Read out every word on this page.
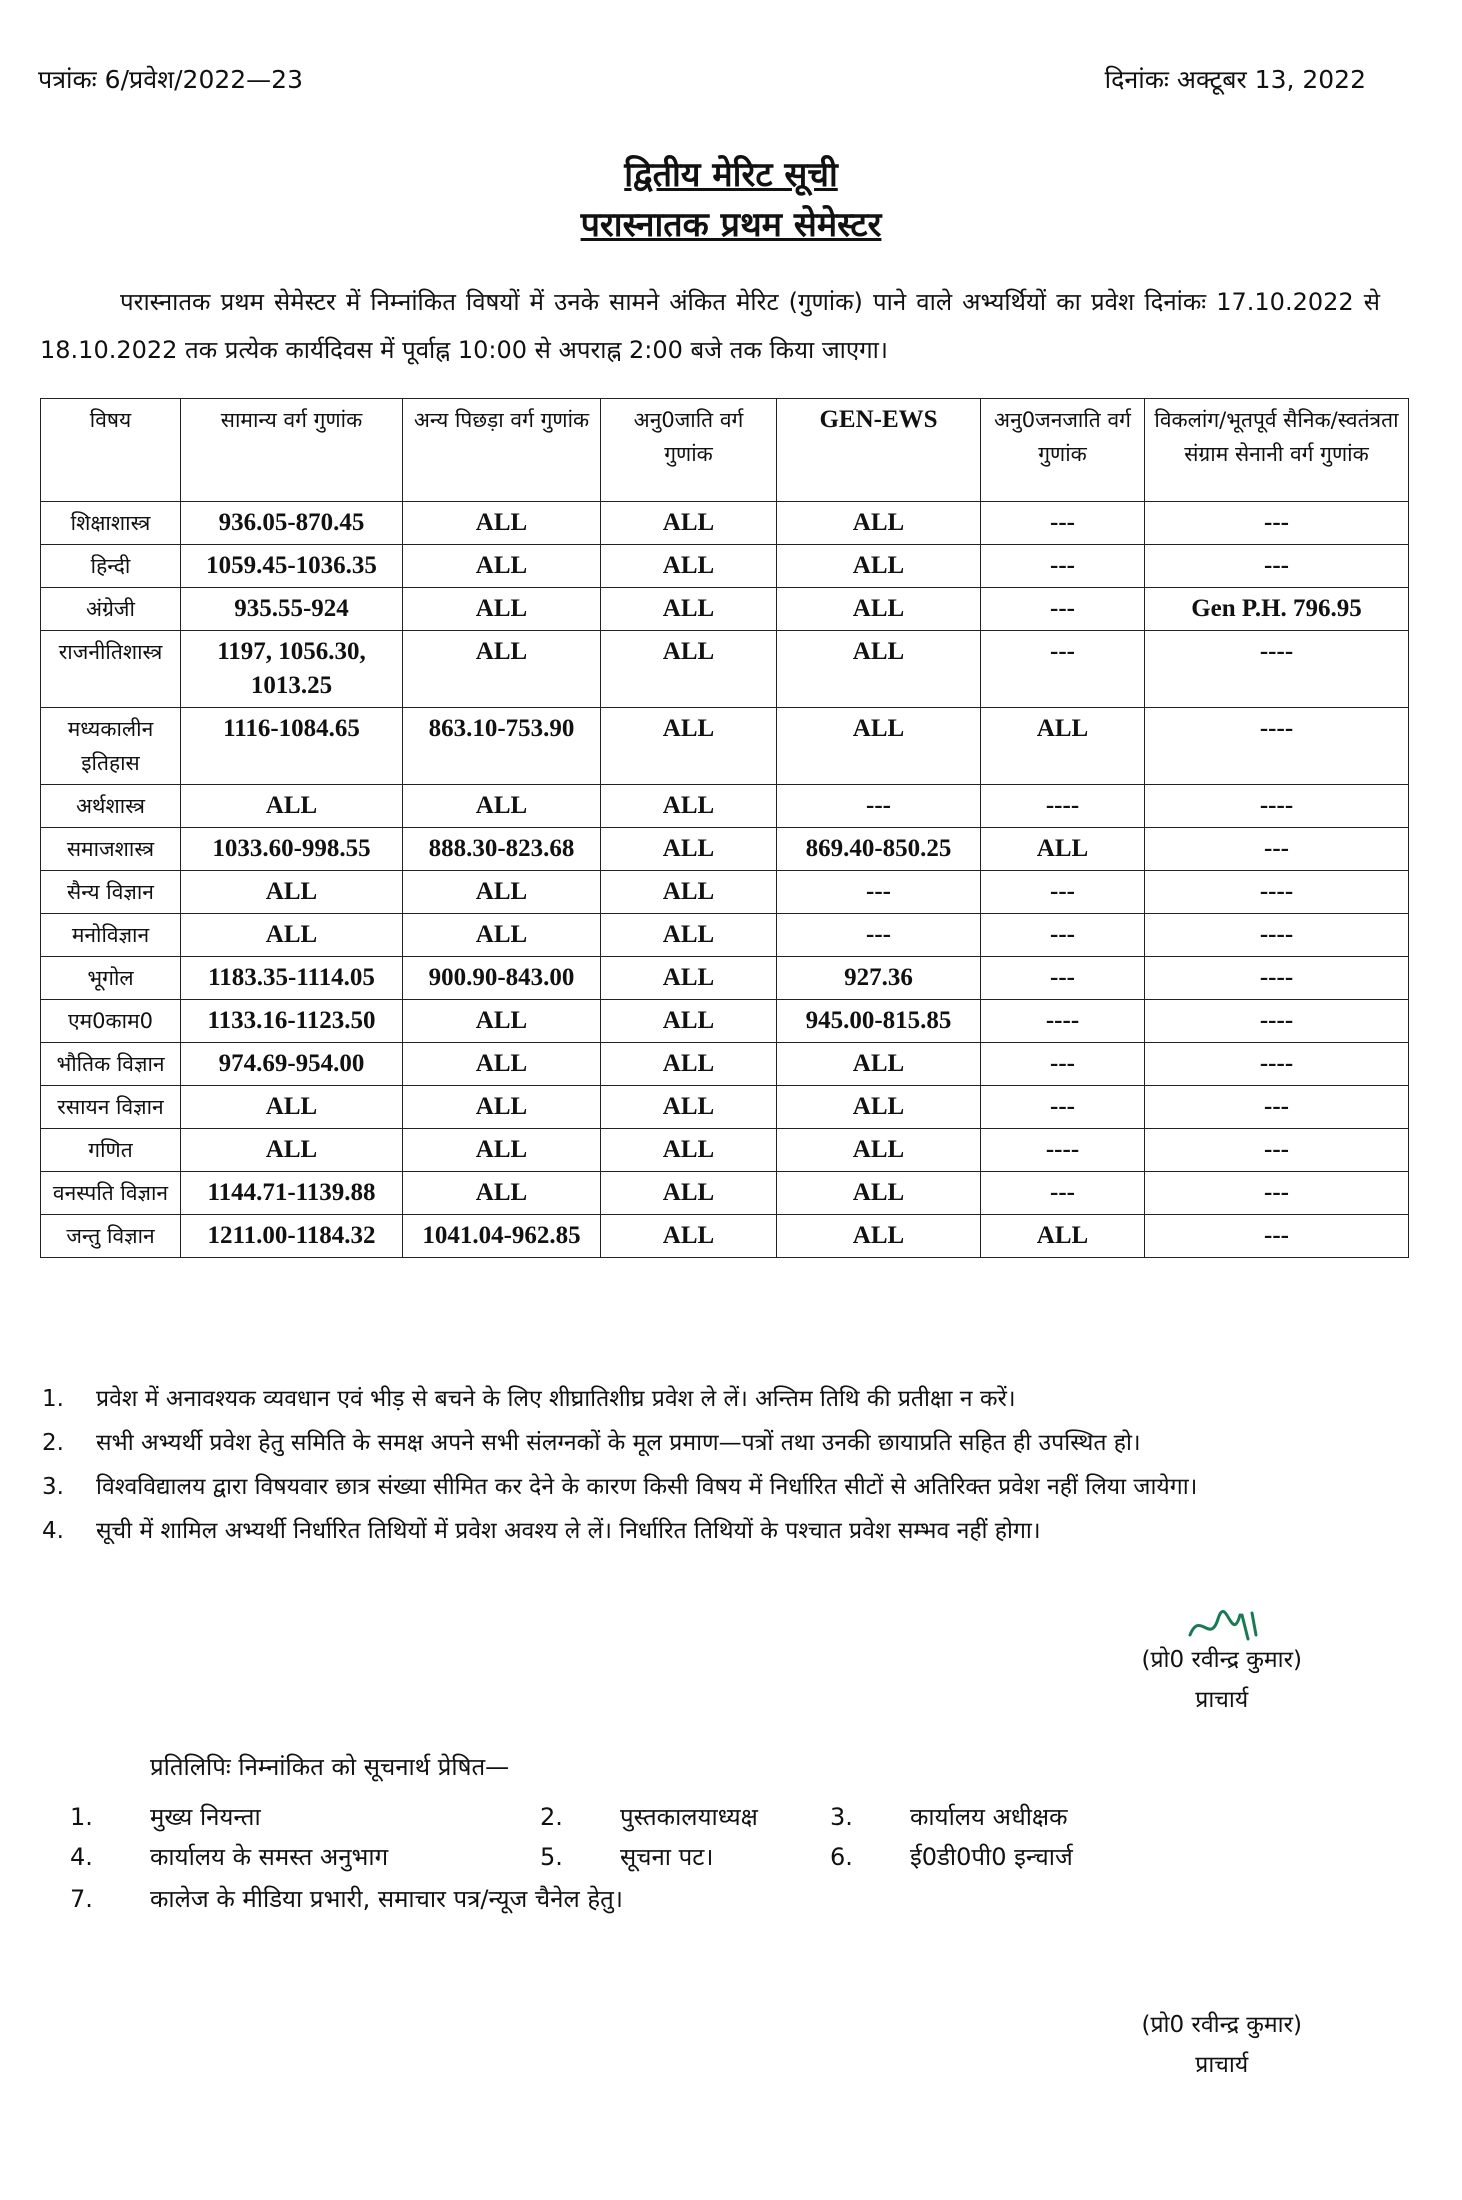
पत्रांकः 6/प्रवेश/2022—23	दिनांकः अक्टूबर 13, 2022
द्वितीय मेरिट सूची
परास्नातक प्रथम सेमेस्टर
परास्नातक प्रथम सेमेस्टर में निम्नांकित विषयों में उनके सामने अंकित मेरिट (गुणांक) पाने वाले अभ्यर्थियों का प्रवेश दिनांकः 17.10.2022 से 18.10.2022 तक प्रत्येक कार्यदिवस में पूर्वाह्न 10:00 से अपराह्न 2:00 बजे तक किया जाएगा।
विषय	सामान्य वर्ग गुणांक	अन्य पिछड़ा वर्ग गुणांक	अनु0जाति वर्ग गुणांक	GEN-EWS	अनु0जनजाति वर्ग गुणांक	विकलांग/भूतपूर्व सैनिक/स्वतंत्रता संग्राम सेनानी वर्ग गुणांक
शिक्षाशास्त्र	936.05-870.45	ALL	ALL	ALL	---	---
हिन्दी	1059.45-1036.35	ALL	ALL	ALL	---	---
अंग्रेजी	935.55-924	ALL	ALL	ALL	---	Gen P.H. 796.95
राजनीतिशास्त्र	1197, 1056.30, 1013.25	ALL	ALL	ALL	---	----
मध्यकालीन इतिहास	1116-1084.65	863.10-753.90	ALL	ALL	ALL	----
अर्थशास्त्र	ALL	ALL	ALL	---	----	----
समाजशास्त्र	1033.60-998.55	888.30-823.68	ALL	869.40-850.25	ALL	---
सैन्य विज्ञान	ALL	ALL	ALL	---	---	----
मनोविज्ञान	ALL	ALL	ALL	---	---	----
भूगोल	1183.35-1114.05	900.90-843.00	ALL	927.36	---	----
एम0काम0	1133.16-1123.50	ALL	ALL	945.00-815.85	----	----
भौतिक विज्ञान	974.69-954.00	ALL	ALL	ALL	---	----
रसायन विज्ञान	ALL	ALL	ALL	ALL	---	---
गणित	ALL	ALL	ALL	ALL	----	---
वनस्पति विज्ञान	1144.71-1139.88	ALL	ALL	ALL	---	---
जन्तु विज्ञान	1211.00-1184.32	1041.04-962.85	ALL	ALL	ALL	---
1. प्रवेश में अनावश्यक व्यवधान एवं भीड़ से बचने के लिए शीघ्रातिशीघ्र प्रवेश ले लें। अन्तिम तिथि की प्रतीक्षा न करें।
2. सभी अभ्यर्थी प्रवेश हेतु समिति के समक्ष अपने सभी संलग्नकों के मूल प्रमाण—पत्रों तथा उनकी छायाप्रति सहित ही उपस्थित हो।
3. विश्वविद्यालय द्वारा विषयवार छात्र संख्या सीमित कर देने के कारण किसी विषय में निर्धारित सीटों से अतिरिक्त प्रवेश नहीं लिया जायेगा।
4. सूची में शामिल अभ्यर्थी निर्धारित तिथियों में प्रवेश अवश्य ले लें। निर्धारित तिथियों के पश्चात प्रवेश सम्भव नहीं होगा।
(प्रो0 रवीन्द्र कुमार)
प्राचार्य
प्रतिलिपिः निम्नांकित को सूचनार्थ प्रेषित—
1. मुख्य नियन्ता	2. पुस्तकालयाध्यक्ष	3. कार्यालय अधीक्षक
4. कार्यालय के समस्त अनुभाग	5. सूचना पट।	6. ई0डी0पी0 इन्चार्ज
7. कालेज के मीडिया प्रभारी, समाचार पत्र/न्यूज चैनेल हेतु।
(प्रो0 रवीन्द्र कुमार)
प्राचार्य
